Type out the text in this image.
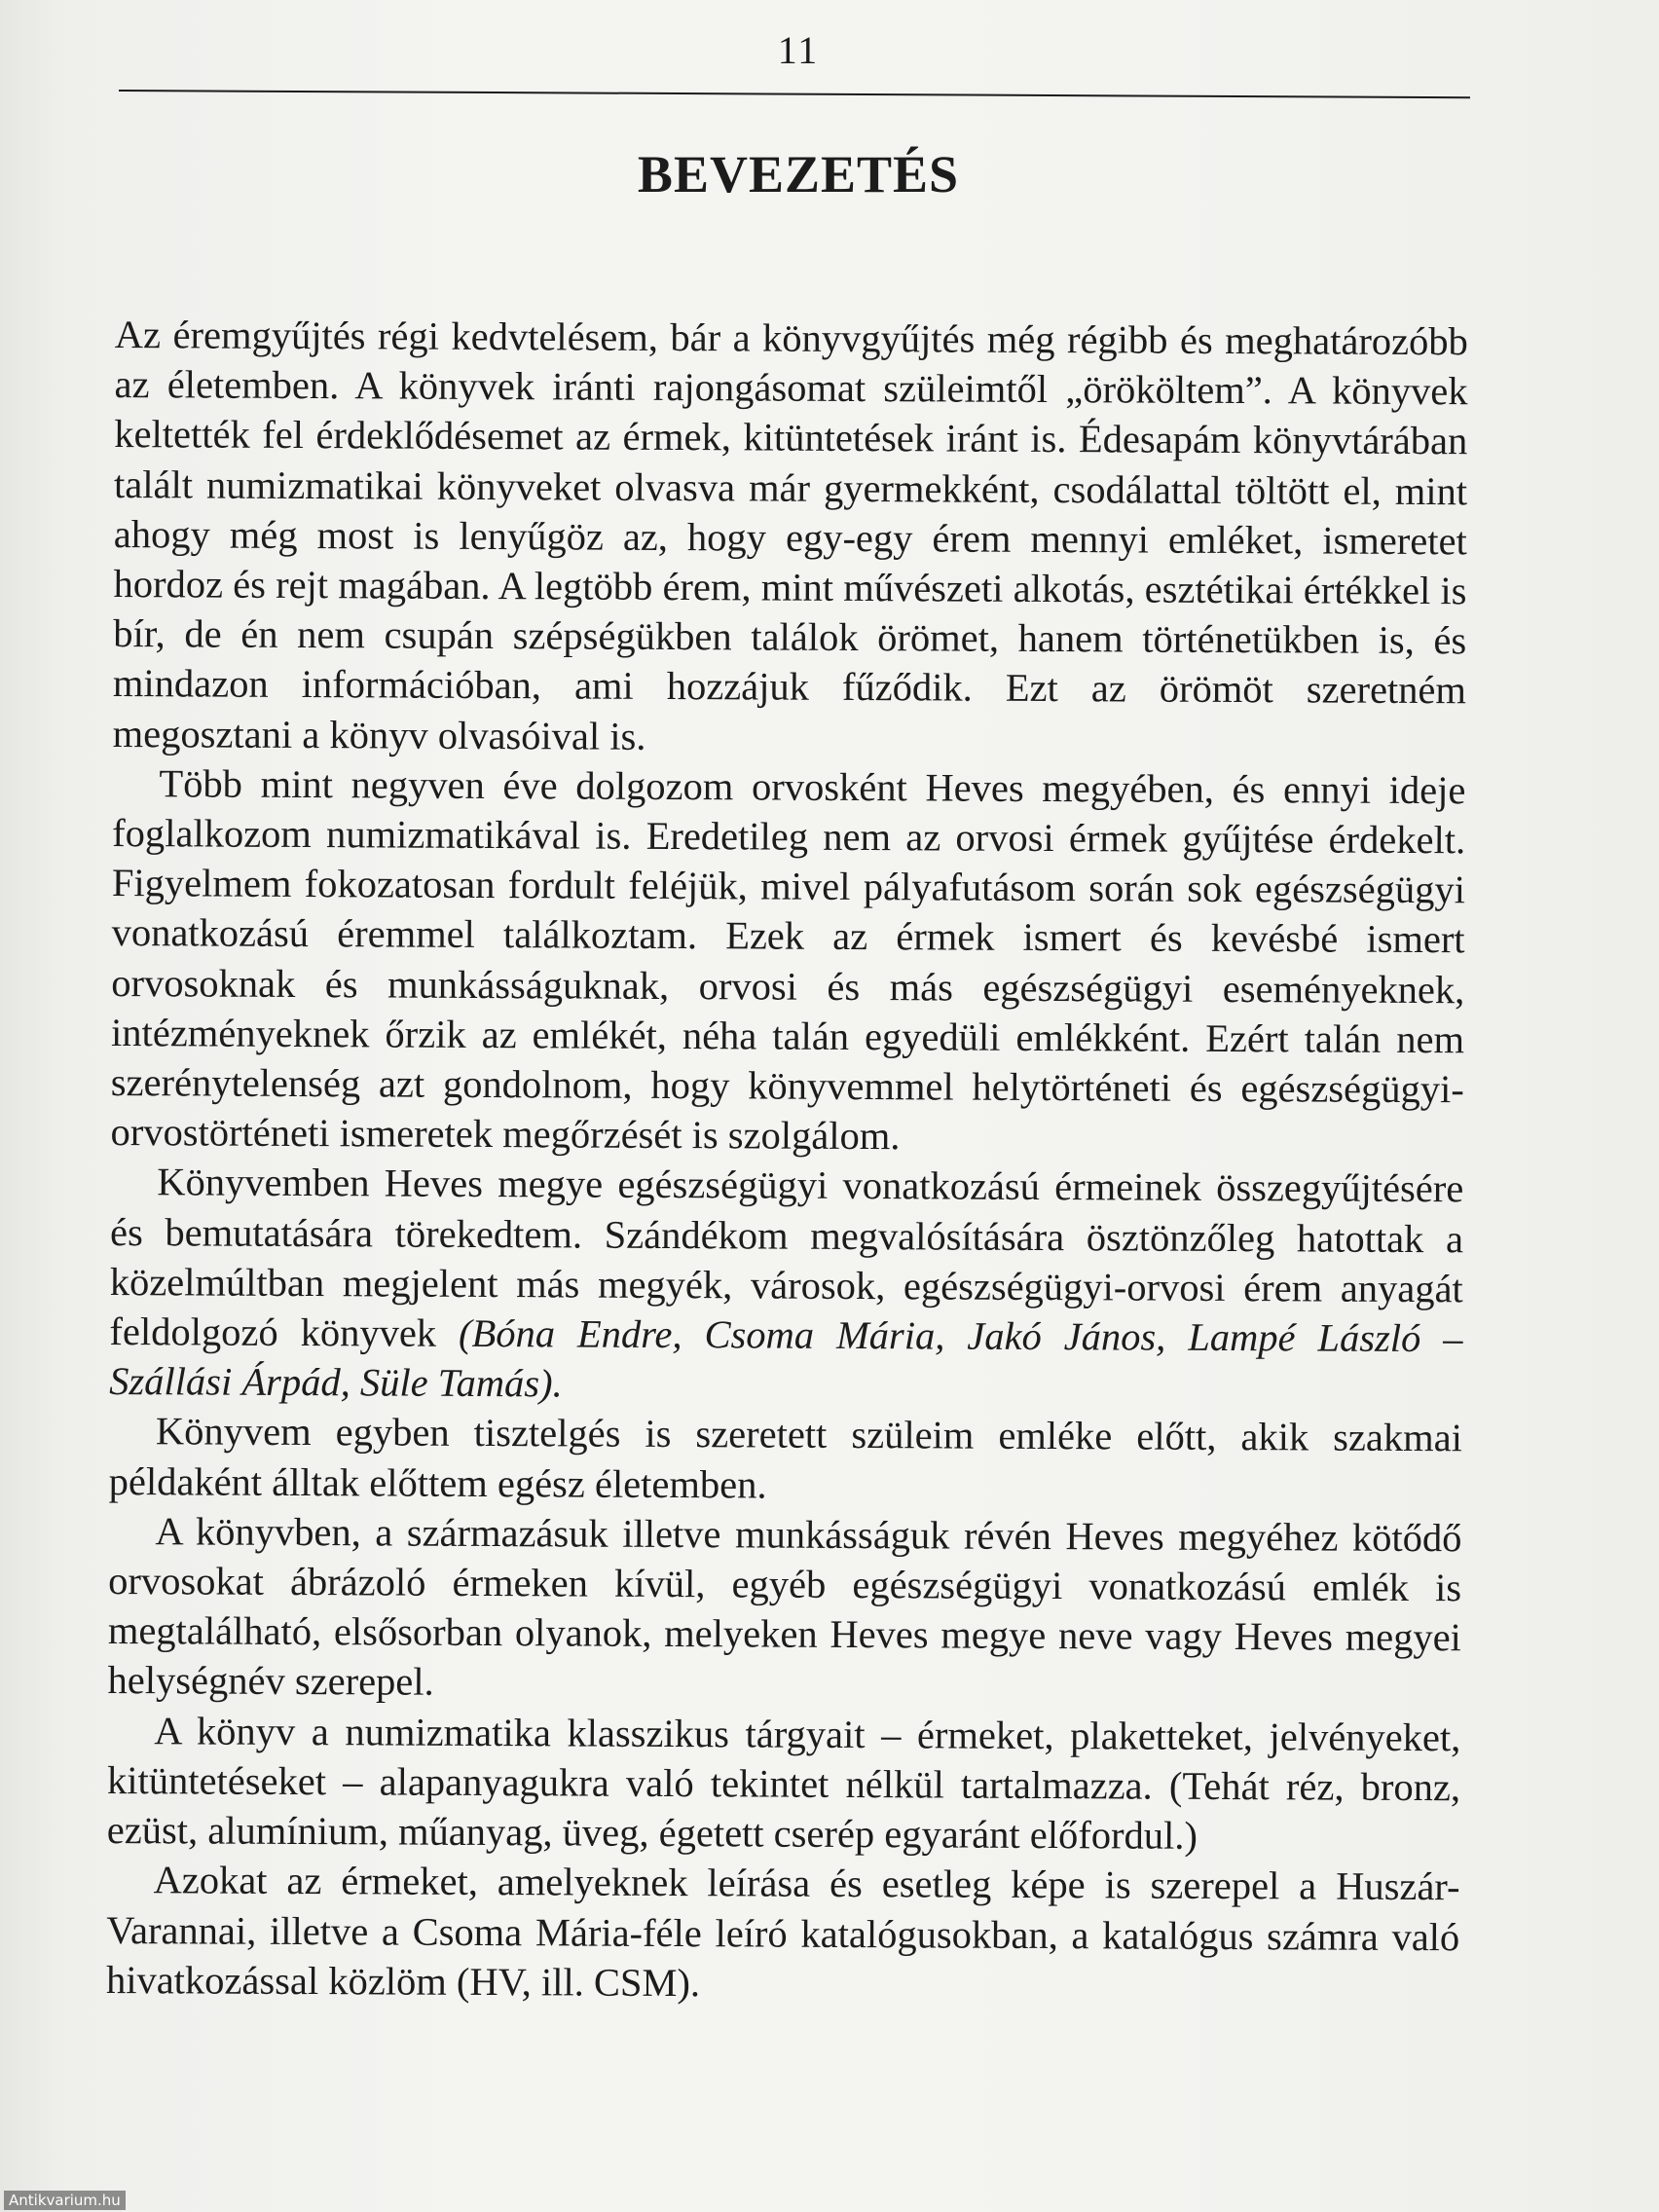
11
BEVEZETÉS

Az éremgyűjtés régi kedvtelésem, bár a könyvgyűjtés még régibb és meghatározóbb az életemben. A könyvek iránti rajongásomat szüleimtől „örököltem”. A könyvek keltették fel érdeklődésemet az érmek, kitüntetések iránt is. Édesapám könyvtárában talált numizmatikai könyveket olvasva már gyermekként, csodálattal töltött el, mint ahogy még most is lenyűgöz az, hogy egy-egy érem mennyi emléket, ismeretet hordoz és rejt magában. A legtöbb érem, mint művészeti alkotás, esztétikai értékkel is bír, de én nem csupán szépségükben találok örömet, hanem történetükben is, és mindazon információban, ami hozzájuk fűződik. Ezt az örömöt szeretném megosztani a könyv olvasóival is.

Több mint negyven éve dolgozom orvosként Heves megyében, és ennyi ideje foglalkozom numizmatikával is. Eredetileg nem az orvosi érmek gyűjtése érdekelt. Figyelmem fokozatosan fordult feléjük, mivel pályafutásom során sok egészségügyi vonatkozású éremmel találkoztam. Ezek az érmek ismert és kevésbé ismert orvosoknak és munkásságuknak, orvosi és más egészségügyi eseményeknek, intézményeknek őrzik az emlékét, néha talán egyedüli emlékként. Ezért talán nem szerénytelenség azt gondolnom, hogy könyvemmel helytörténeti és egészségügyi-orvostörténeti ismeretek megőrzését is szolgálom.

Könyvemben Heves megye egészségügyi vonatkozású érmeinek összegyűjtésére és bemutatására törekedtem. Szándékom megvalósítására ösztönzőleg hatottak a közelmúltban megjelent más megyék, városok, egészségügyi-orvosi érem anyagát feldolgozó könyvek (Bóna Endre, Csoma Mária, Jakó János, Lampé László – Szállási Árpád, Süle Tamás).

Könyvem egyben tisztelgés is szeretett szüleim emléke előtt, akik szakmai példaként álltak előttem egész életemben.

A könyvben, a származásuk illetve munkásságuk révén Heves megyéhez kötődő orvosokat ábrázoló érmeken kívül, egyéb egészségügyi vonatkozású emlék is megtalálható, elsősorban olyanok, melyeken Heves megye neve vagy Heves megyei helységnév szerepel.

A könyv a numizmatika klasszikus tárgyait – érmeket, plaketteket, jelvényeket, kitüntetéseket – alapanyagukra való tekintet nélkül tartalmazza. (Tehát réz, bronz, ezüst, alumínium, műanyag, üveg, égetett cserép egyaránt előfordul.)

Azokat az érmeket, amelyeknek leírása és esetleg képe is szerepel a Huszár-Varannai, illetve a Csoma Mária-féle leíró katalógusokban, a katalógus számra való hivatkozással közlöm (HV, ill. CSM).

Antikvarium.hu
